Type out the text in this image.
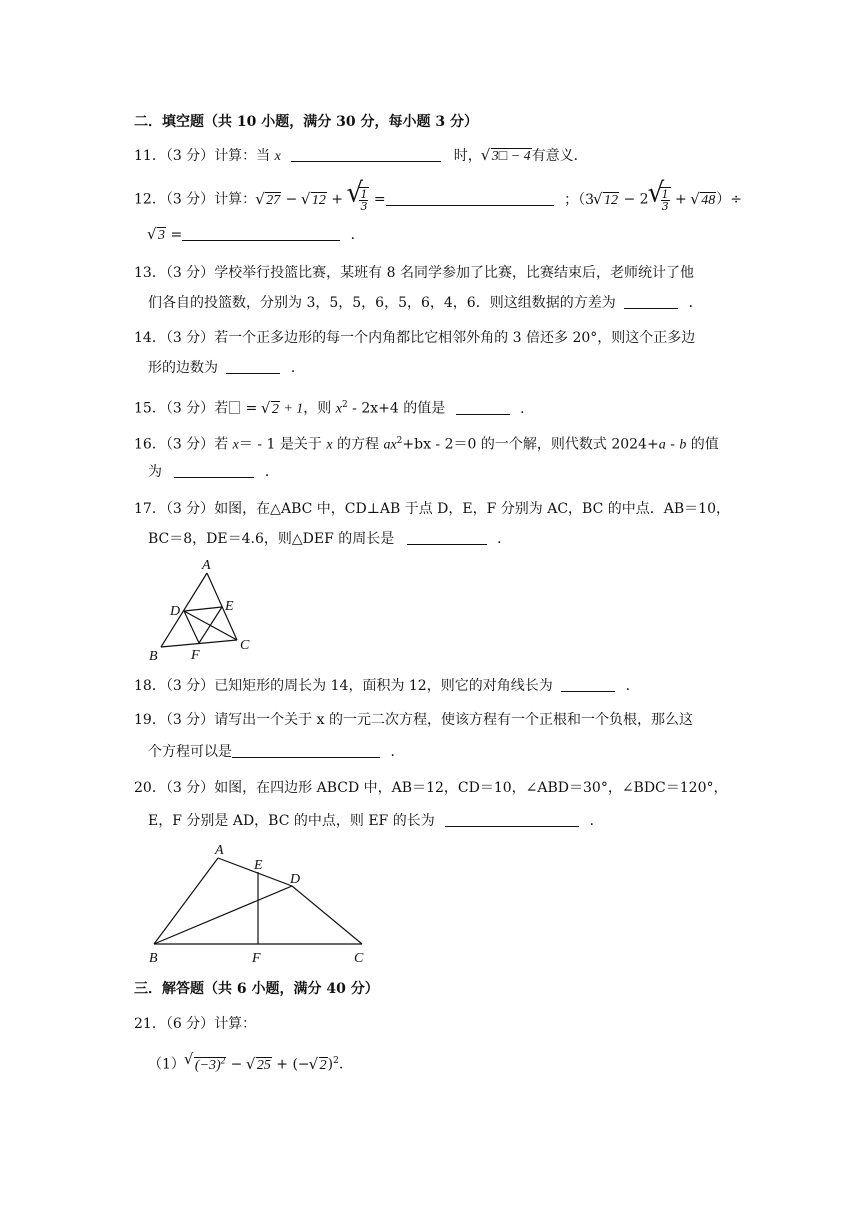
二．填空题（共 10 小题，满分 30 分，每小题 3 分）
11．（3 分）计算：当 x	时， √ 3□ − 4有意义．
12．（3 分）计算： √ 27 − √ 12 + √ $\frac{1}{3}$ =	；（3 √ 12 − 2 √ $\frac{1}{3}$ + √ 48）÷
√ 3 =	．
13．（3 分）学校举行投篮比赛，某班有 8 名同学参加了比赛，比赛结束后，老师统计了他
们各自的投篮数，分别为 3，5，5，6，5，6，4，6．则这组数据的方差为	．
14．（3 分）若一个正多边形的每一个内角都比它相邻外角的 3 倍还多 20°，则这个正多边
形的边数为	．
15．（3 分）若 = √ 2 + 1，则 $x^2 - 2x+4$ 的值是	．
16．（3 分）若 x＝ - 1 是关于 x 的方程 $ax^2+bx - 2=0$ 的一个解，则代数式 2024+a - b 的值
为	．
17．（3 分）如图，在△ABC 中，CD⊥AB 于点 D，E，F 分别为 AC，BC 的中点．AB＝10，
BC＝8，DE＝4.6，则△DEF 的周长是	．
A
D	E
B F
C
18．（3 分）已知矩形的周长为 14，面积为 12，则它的对角线长为	．
19．（3 分）请写出一个关于 x 的一元二次方程，使该方程有一个正根和一个负根，那么这
个方程可以是	．
20．（3 分）如图，在四边形 ABCD 中，AB＝12，CD＝10，∠ABD＝30°，∠BDC＝120°，
E，F 分别是 AD，BC 的中点，则 EF 的长为	．
A
E
D
B	F	C
三．解答题（共 6 小题，满分 40 分）
21．（6 分）计算：
（1） √ $(-3)^2$ − √ 25 + (− √ 2)$^2$.
